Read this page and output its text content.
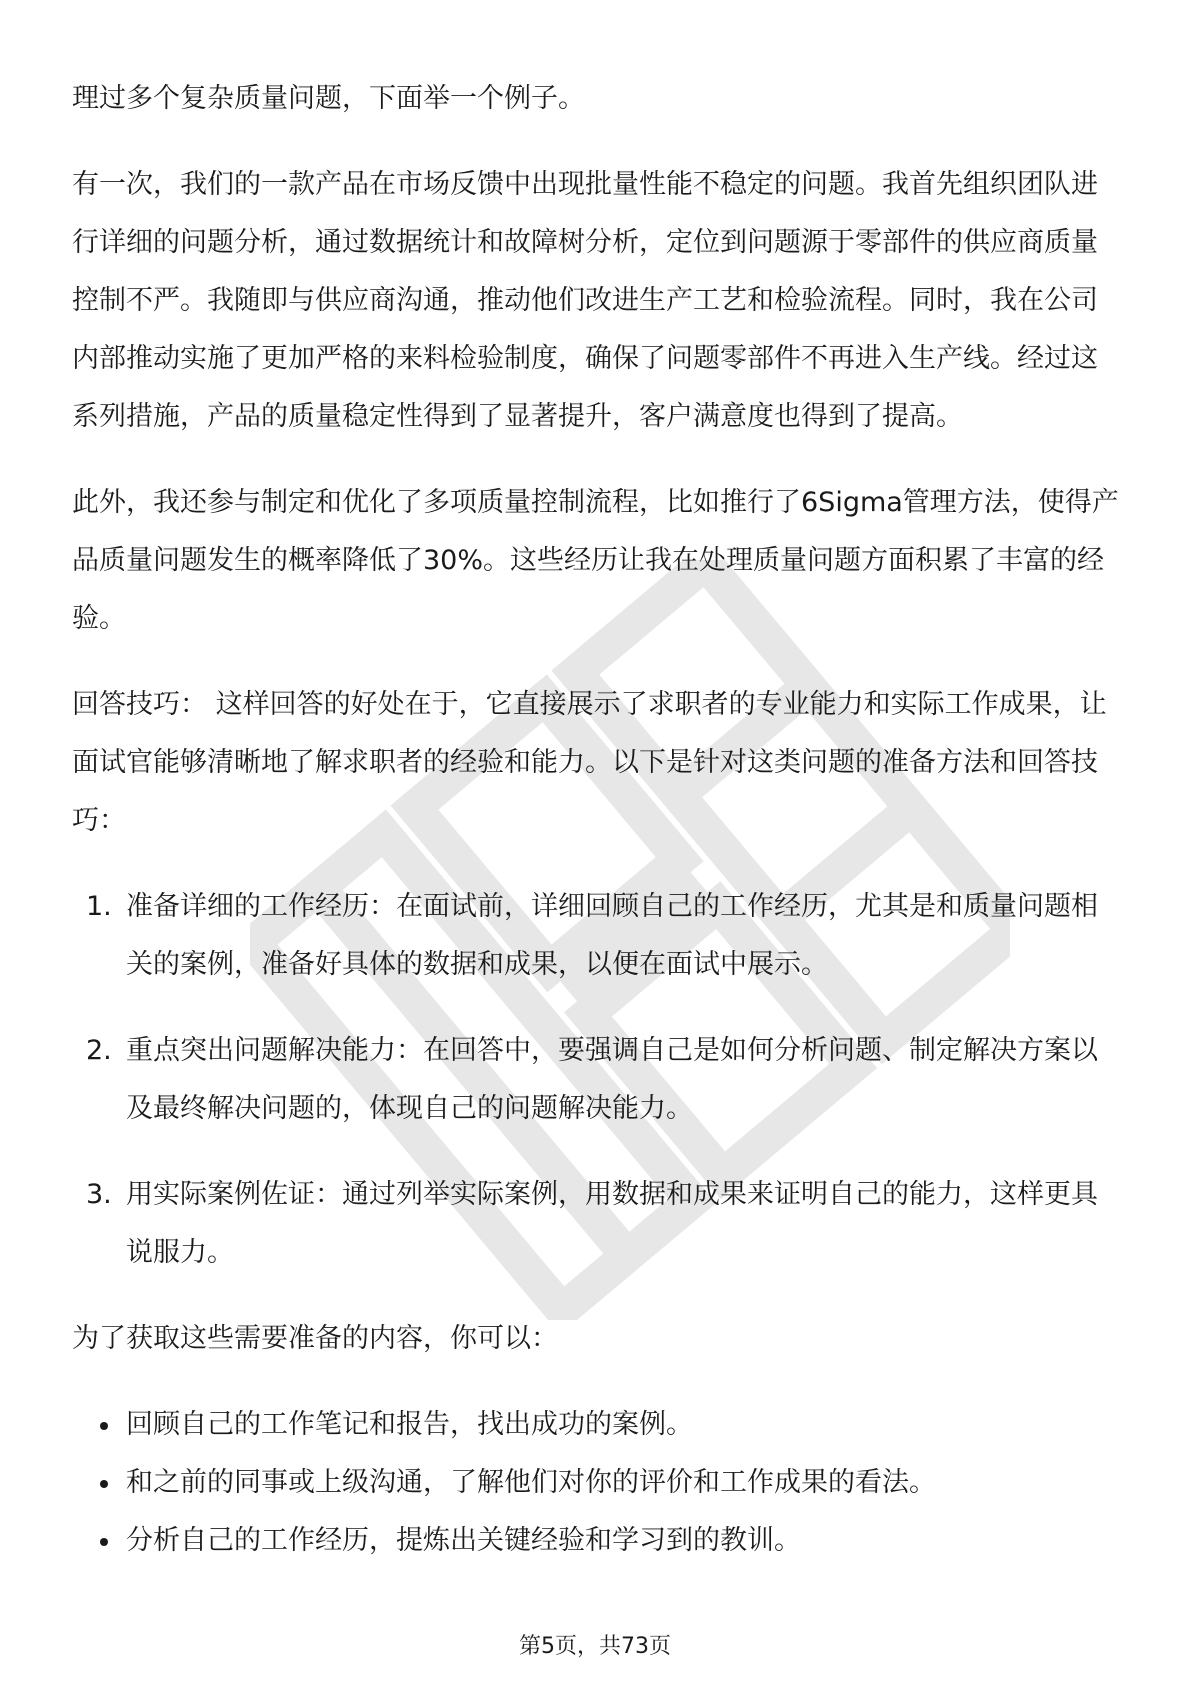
理过多个复杂质量问题，下面举一个例子。

有一次，我们的一款产品在市场反馈中出现批量性能不稳定的问题。我首先组织团队进行详细的问题分析，通过数据统计和故障树分析，定位到问题源于零部件的供应商质量控制不严。我随即与供应商沟通，推动他们改进生产工艺和检验流程。同时，我在公司内部推动实施了更加严格的来料检验制度，确保了问题零部件不再进入生产线。经过这系列措施，产品的质量稳定性得到了显著提升，客户满意度也得到了提高。

此外，我还参与制定和优化了多项质量控制流程，比如推行了6Sigma管理方法，使得产品质量问题发生的概率降低了30%。这些经历让我在处理质量问题方面积累了丰富的经验。

回答技巧： 这样回答的好处在于，它直接展示了求职者的专业能力和实际工作成果，让面试官能够清晰地了解求职者的经验和能力。以下是针对这类问题的准备方法和回答技巧：

1. 准备详细的工作经历：在面试前，详细回顾自己的工作经历，尤其是和质量问题相关的案例，准备好具体的数据和成果，以便在面试中展示。
2. 重点突出问题解决能力：在回答中，要强调自己是如何分析问题、制定解决方案以及最终解决问题的，体现自己的问题解决能力。
3. 用实际案例佐证：通过列举实际案例，用数据和成果来证明自己的能力，这样更具说服力。

为了获取这些需要准备的内容，你可以：

回顾自己的工作笔记和报告，找出成功的案例。
和之前的同事或上级沟通，了解他们对你的评价和工作成果的看法。
分析自己的工作经历，提炼出关键经验和学习到的教训。
第5页，共73页
